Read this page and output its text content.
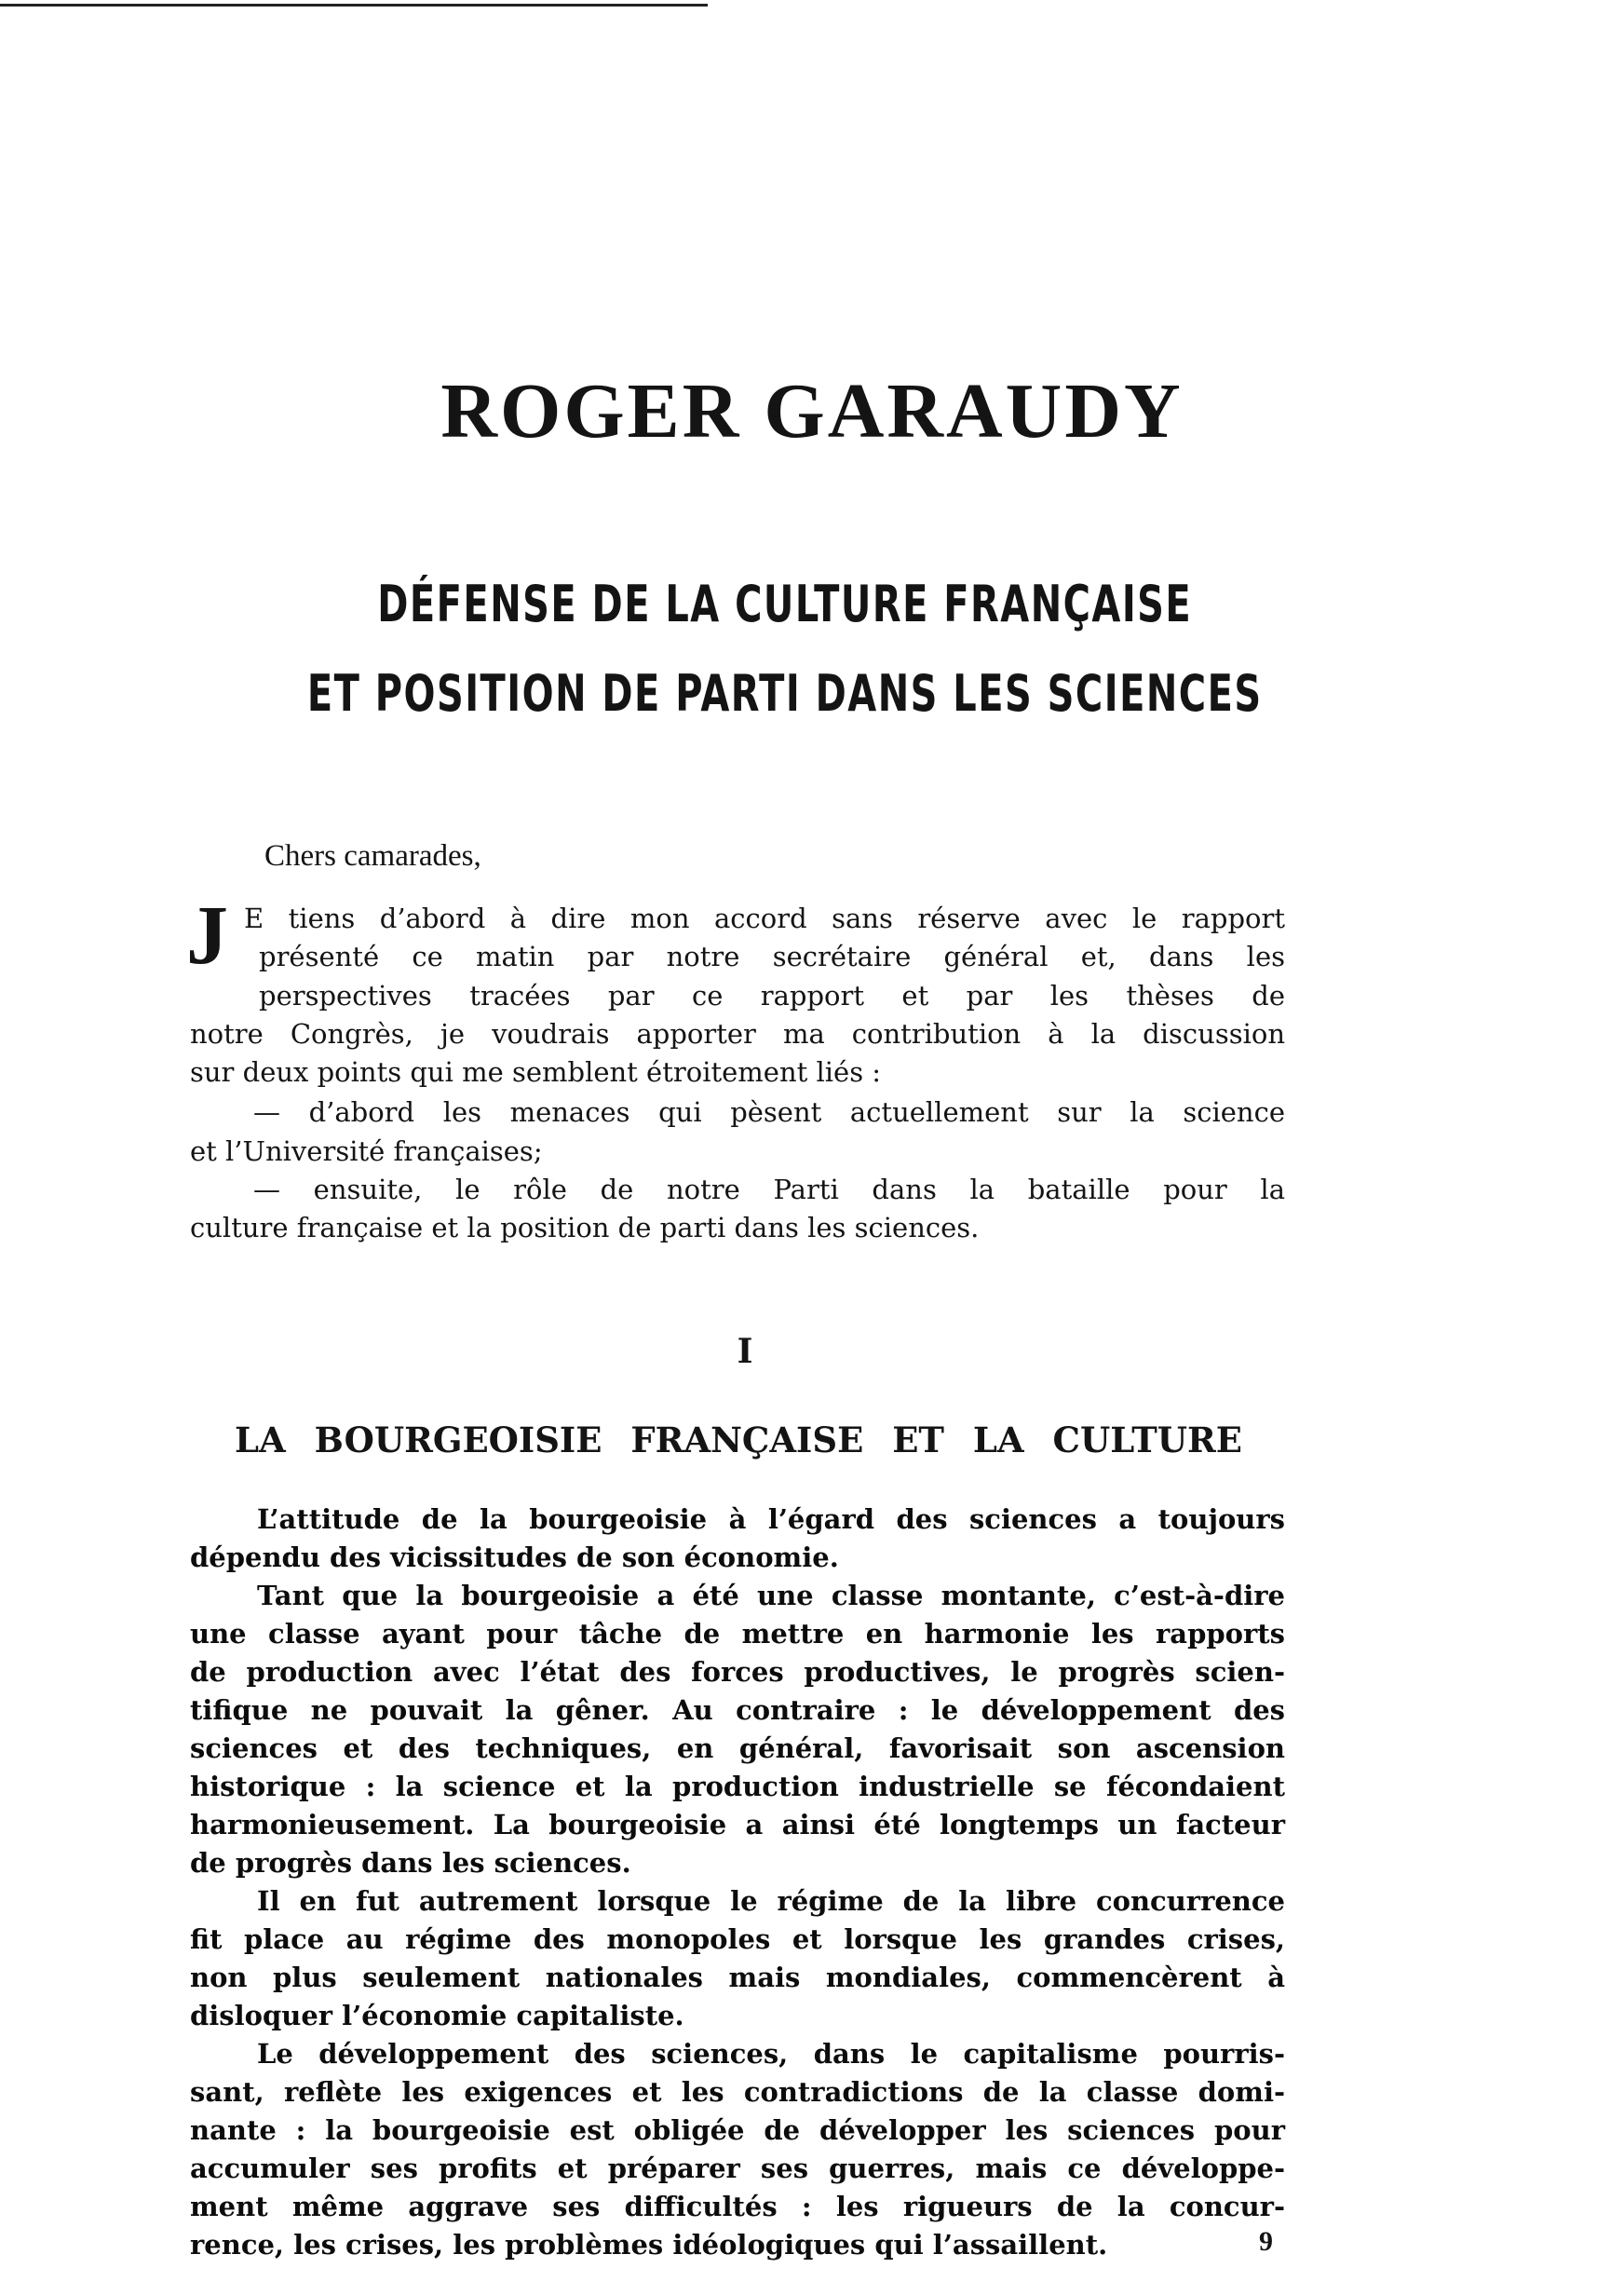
ROGER GARAUDY
DÉFENSE DE LA CULTURE FRANÇAISE
ET POSITION DE PARTI DANS LES SCIENCES
Chers camarades,
J E tiens d’abord à dire mon accord sans réserve avec le rapport
présenté ce matin par notre secrétaire général et, dans les
perspectives tracées par ce rapport et par les thèses de
notre Congrès, je voudrais apporter ma contribution à la discussion
sur deux points qui me semblent étroitement liés :
— d’abord les menaces qui pèsent actuellement sur la science
et l’Université françaises;
— ensuite, le rôle de notre Parti dans la bataille pour la
culture française et la position de parti dans les sciences.
I
LA BOURGEOISIE FRANÇAISE ET LA CULTURE
L’attitude de la bourgeoisie à l’égard des sciences a toujours
dépendu des vicissitudes de son économie.
Tant que la bourgeoisie a été une classe montante, c’est-à-dire
une classe ayant pour tâche de mettre en harmonie les rapports
de production avec l’état des forces productives, le progrès scien-
tifique ne pouvait la gêner. Au contraire : le développement des
sciences et des techniques, en général, favorisait son ascension
historique : la science et la production industrielle se fécondaient
harmonieusement. La bourgeoisie a ainsi été longtemps un facteur
de progrès dans les sciences.
Il en fut autrement lorsque le régime de la libre concurrence
fit place au régime des monopoles et lorsque les grandes crises,
non plus seulement nationales mais mondiales, commencèrent à
disloquer l’économie capitaliste.
Le développement des sciences, dans le capitalisme pourris-
sant, reflète les exigences et les contradictions de la classe domi-
nante : la bourgeoisie est obligée de développer les sciences pour
accumuler ses profits et préparer ses guerres, mais ce développe-
ment même aggrave ses difficultés : les rigueurs de la concur-
rence, les crises, les problèmes idéologiques qui l’assaillent.	9
